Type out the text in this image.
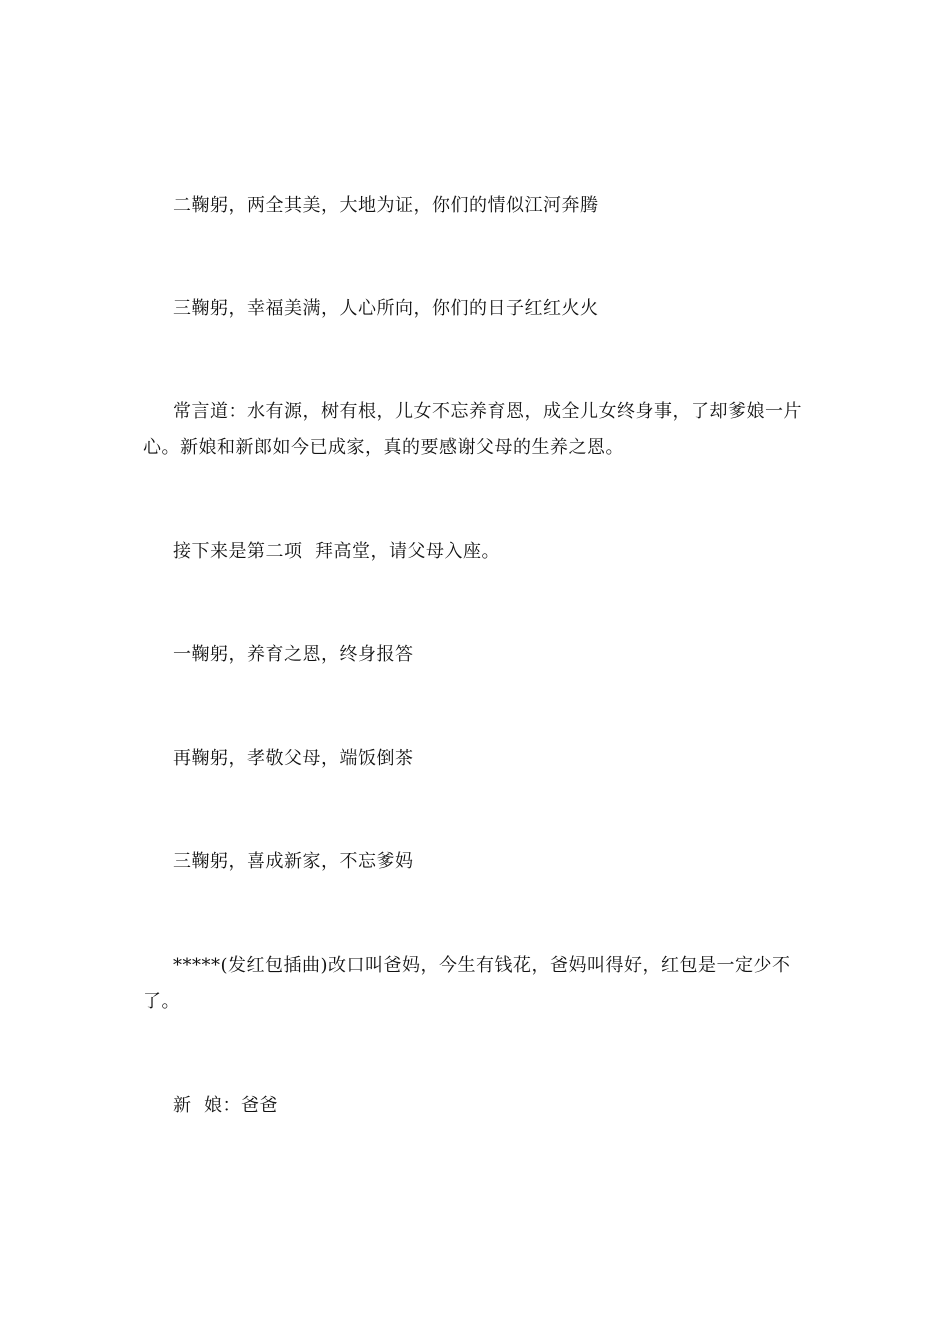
二鞠躬，两全其美，大地为证，你们的情似江河奔腾

三鞠躬，幸福美满，人心所向，你们的日子红红火火

常言道：水有源，树有根，儿女不忘养育恩，成全儿女终身事，了却爹娘一片心。新娘和新郎如今已成家，真的要感谢父母的生养之恩。

接下来是第二项  拜高堂，请父母入座。

一鞠躬，养育之恩，终身报答

再鞠躬，孝敬父母，端饭倒茶

三鞠躬，喜成新家，不忘爹妈

*****(发红包插曲)改口叫爸妈，今生有钱花，爸妈叫得好，红包是一定少不了。

新  娘：爸爸
